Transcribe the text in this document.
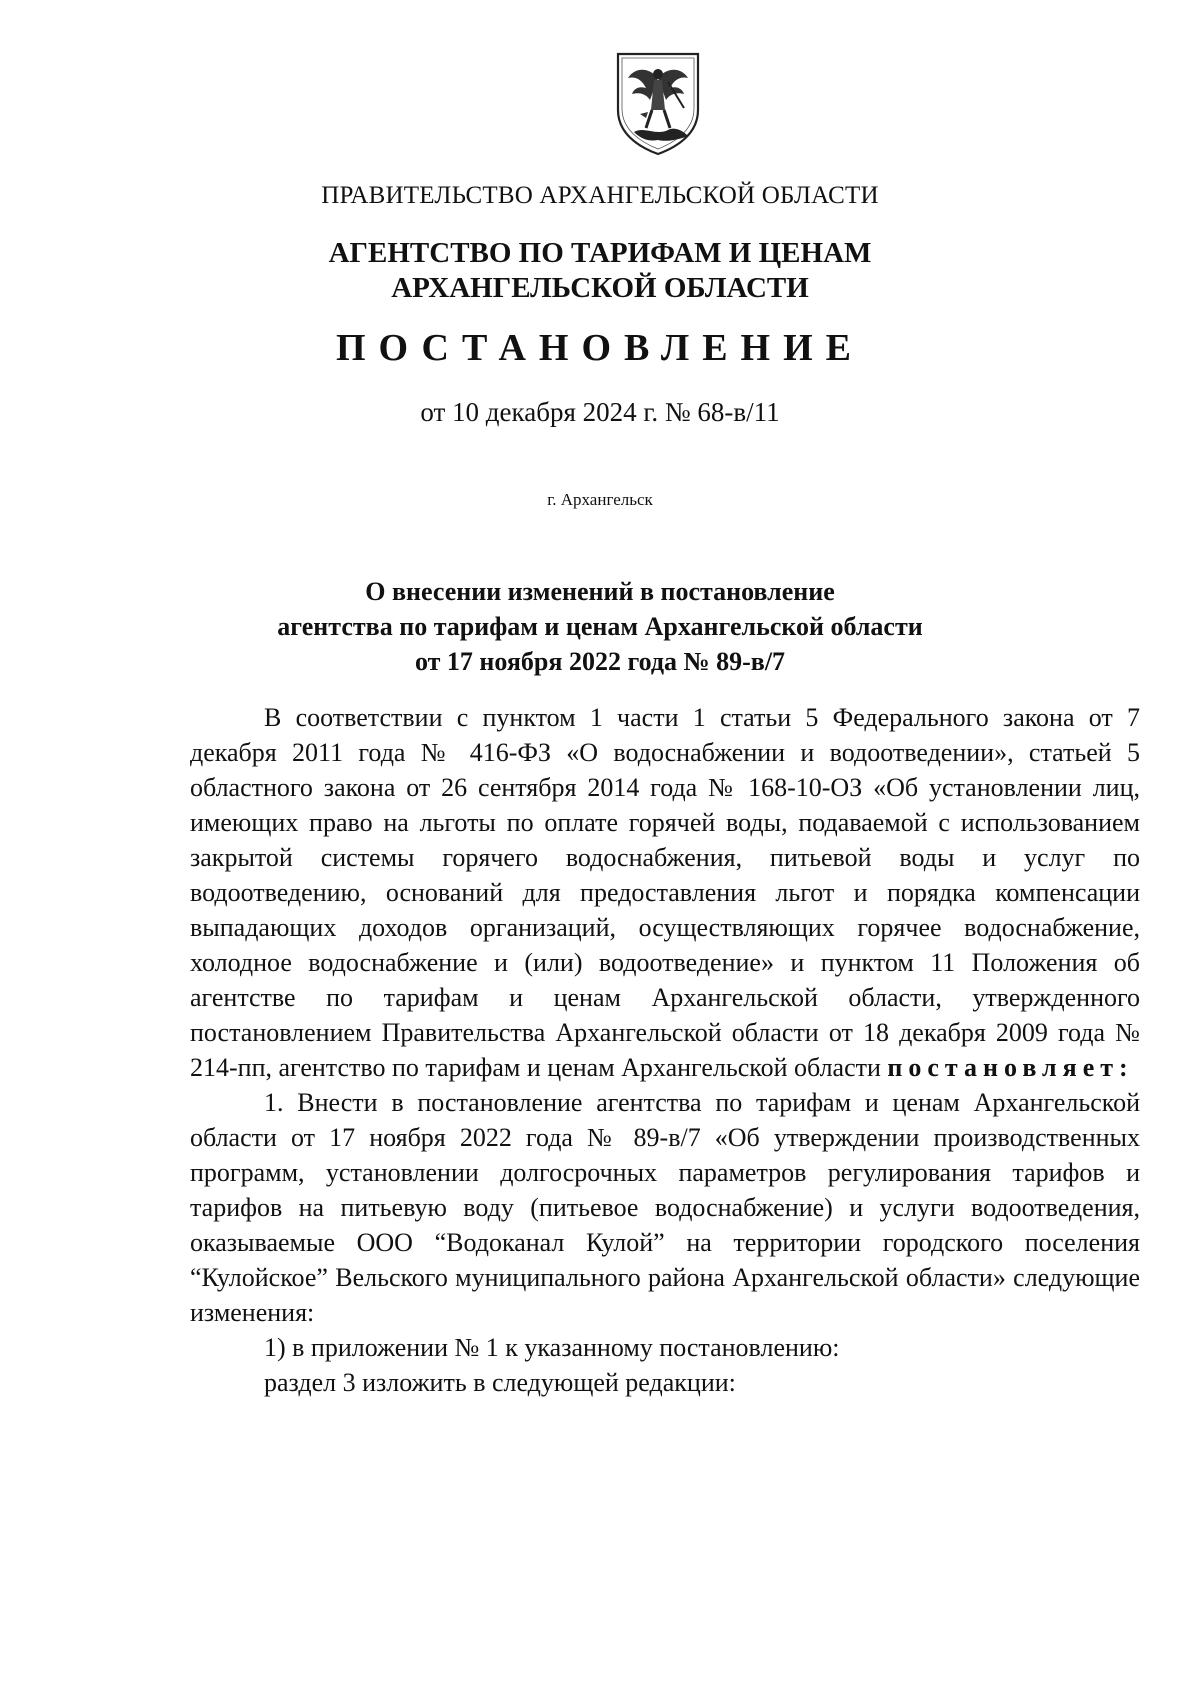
ПРАВИТЕЛЬСТВО АРХАНГЕЛЬСКОЙ ОБЛАСТИ

АГЕНТСТВО ПО ТАРИФАМ И ЦЕНАМ
АРХАНГЕЛЬСКОЙ ОБЛАСТИ

ПОСТАНОВЛЕНИЕ

от 10 декабря 2024 г. № 68-в/11

г. Архангельск

О внесении изменений в постановление
агентства по тарифам и ценам Архангельской области
от 17 ноября 2022 года № 89-в/7

В соответствии с пунктом 1 части 1 статьи 5 Федерального закона от 7 декабря 2011 года № 416-ФЗ «О водоснабжении и водоотведении», статьей 5 областного закона от 26 сентября 2014 года № 168-10-ОЗ «Об установлении лиц, имеющих право на льготы по оплате горячей воды, подаваемой с использованием закрытой системы горячего водоснабжения, питьевой воды и услуг по водоотведению, оснований для предоставления льгот и порядка компенсации выпадающих доходов организаций, осуществляющих горячее водоснабжение, холодное водоснабжение и (или) водоотведение» и пунктом 11 Положения об агентстве по тарифам и ценам Архангельской области, утвержденного постановлением Правительства Архангельской области от 18 декабря 2009 года № 214-пп, агентство по тарифам и ценам Архангельской области постановляет:

1. Внести в постановление агентства по тарифам и ценам Архангельской области от 17 ноября 2022 года № 89-в/7 «Об утверждении производственных программ, установлении долгосрочных параметров регулирования тарифов и тарифов на питьевую воду (питьевое водоснабжение) и услуги водоотведения, оказываемые ООО “Водоканал Кулой” на территории городского поселения “Кулойское” Вельского муниципального района Архангельской области» следующие изменения:

1) в приложении № 1 к указанному постановлению:

раздел 3 изложить в следующей редакции:
